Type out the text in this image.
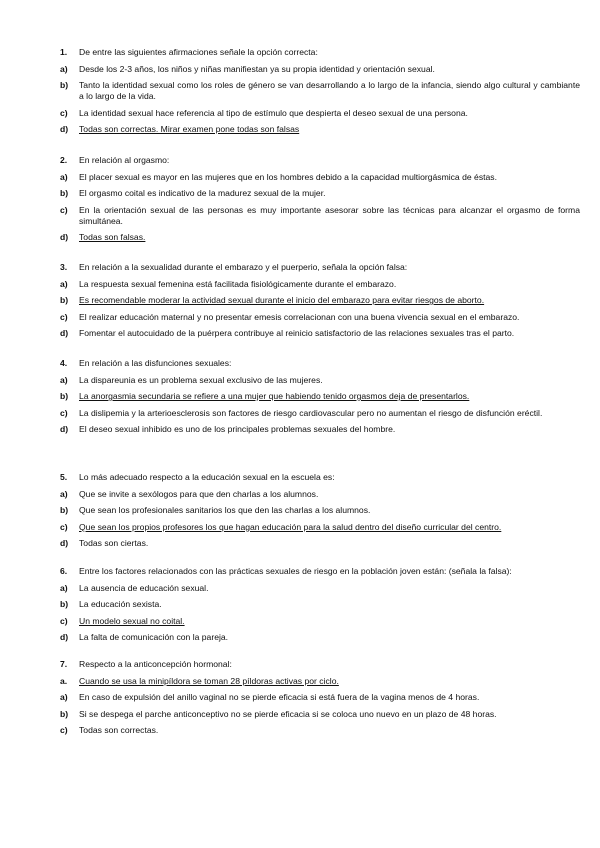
1.	De entre las siguientes afirmaciones señale la opción correcta:
a)	Desde los 2-3 años, los niños y niñas manifiestan ya su propia identidad y orientación sexual.
b)	Tanto la identidad sexual como los roles de género se van desarrollando a lo largo de la infancia, siendo algo cultural y cambiante a lo largo de la vida.
c)	La identidad sexual hace referencia al tipo de estímulo que despierta el deseo sexual de una persona.
d)	Todas son correctas. Mirar examen pone todas son falsas
2.	En relación al orgasmo:
a)	El placer sexual es mayor en las mujeres que en los hombres debido a la capacidad multiorgásmica de éstas.
b)	El orgasmo coital es indicativo de la madurez sexual de la mujer.
c)	En la orientación sexual de las personas es muy importante asesorar sobre las técnicas para alcanzar el orgasmo de forma simultánea.
d)	Todas son falsas.
3.	En relación a la sexualidad durante el embarazo y el puerperio, señala la opción falsa:
a)	La respuesta sexual femenina está facilitada fisiológicamente durante el embarazo.
b)	Es recomendable moderar la actividad sexual durante el inicio del embarazo para evitar riesgos de aborto.
c)	El realizar educación maternal y no presentar emesis correlacionan con una buena vivencia sexual en el embarazo.
d)	Fomentar el autocuidado de la puérpera contribuye al reinicio satisfactorio de las relaciones sexuales tras el parto.
4.	En relación a las disfunciones sexuales:
a)	La dispareunia es un problema sexual exclusivo de las mujeres.
b)	La anorgasmia secundaria se refiere a una mujer que habiendo tenido orgasmos deja de presentarlos.
c)	La dislipemia y la arterioesclerosis son factores de riesgo cardiovascular pero no aumentan el riesgo de disfunción eréctil.
d)	El deseo sexual inhibido es uno de los principales problemas sexuales del hombre.
5.	Lo más adecuado respecto a la educación sexual en la escuela es:
a)	Que se invite a sexólogos para que den charlas a los alumnos.
b)	Que sean los profesionales sanitarios los que den las charlas a los alumnos.
c)	Que sean los propios profesores los que hagan educación para la salud dentro del diseño curricular del centro.
d)	Todas son ciertas.
6.	Entre los factores relacionados con las prácticas sexuales de riesgo en la población joven están: (señala la falsa):
a)	La ausencia de educación sexual.
b)	La educación sexista.
c)	Un modelo sexual no coital.
d)	La falta de comunicación con la pareja.
7.	Respecto a la anticoncepción hormonal:
a.	Cuando se usa la minipíldora se toman 28 píldoras activas por ciclo.
a)	En caso de expulsión del anillo vaginal no se pierde eficacia si está fuera de la vagina menos de 4 horas.
b)	Si se despega el parche anticonceptivo no se pierde eficacia si se coloca uno nuevo en un plazo de 48 horas.
c)	Todas son correctas.
